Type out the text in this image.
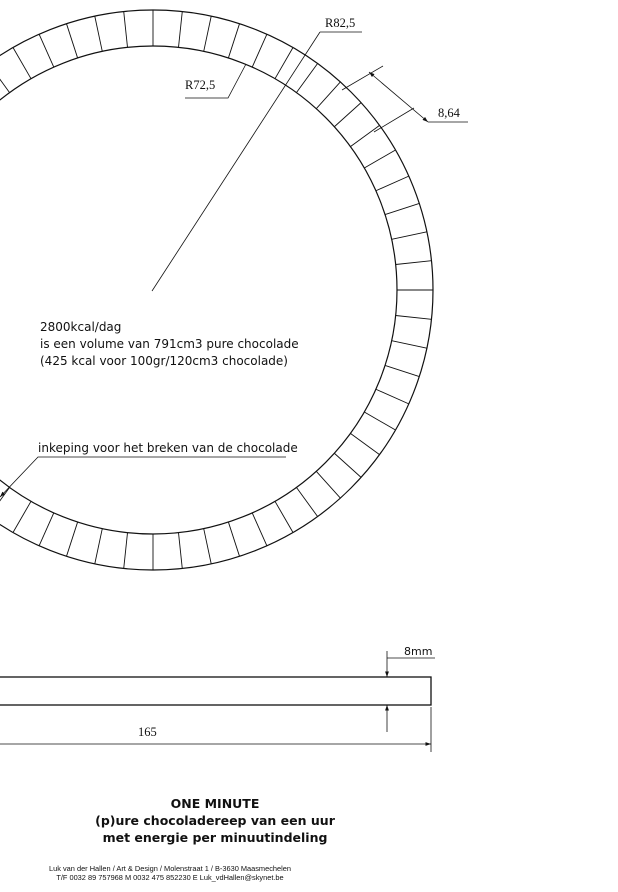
R82,5
R72,5
8,64
2800kcal/dag
is een volume van 791cm3 pure chocolade
(425 kcal voor 100gr/120cm3 chocolade)
inkeping voor het breken van de chocolade
8mm
165

ONE MINUTE

(p)ure chocoladereep van een uur

met energie per minuutindeling

Luk van der Hallen / Art & Design / Molenstraat 1 / B-3630 Maasmechelen

T/F 0032 89 757968 M 0032 475 852230 E Luk_vdHallen@skynet.be
